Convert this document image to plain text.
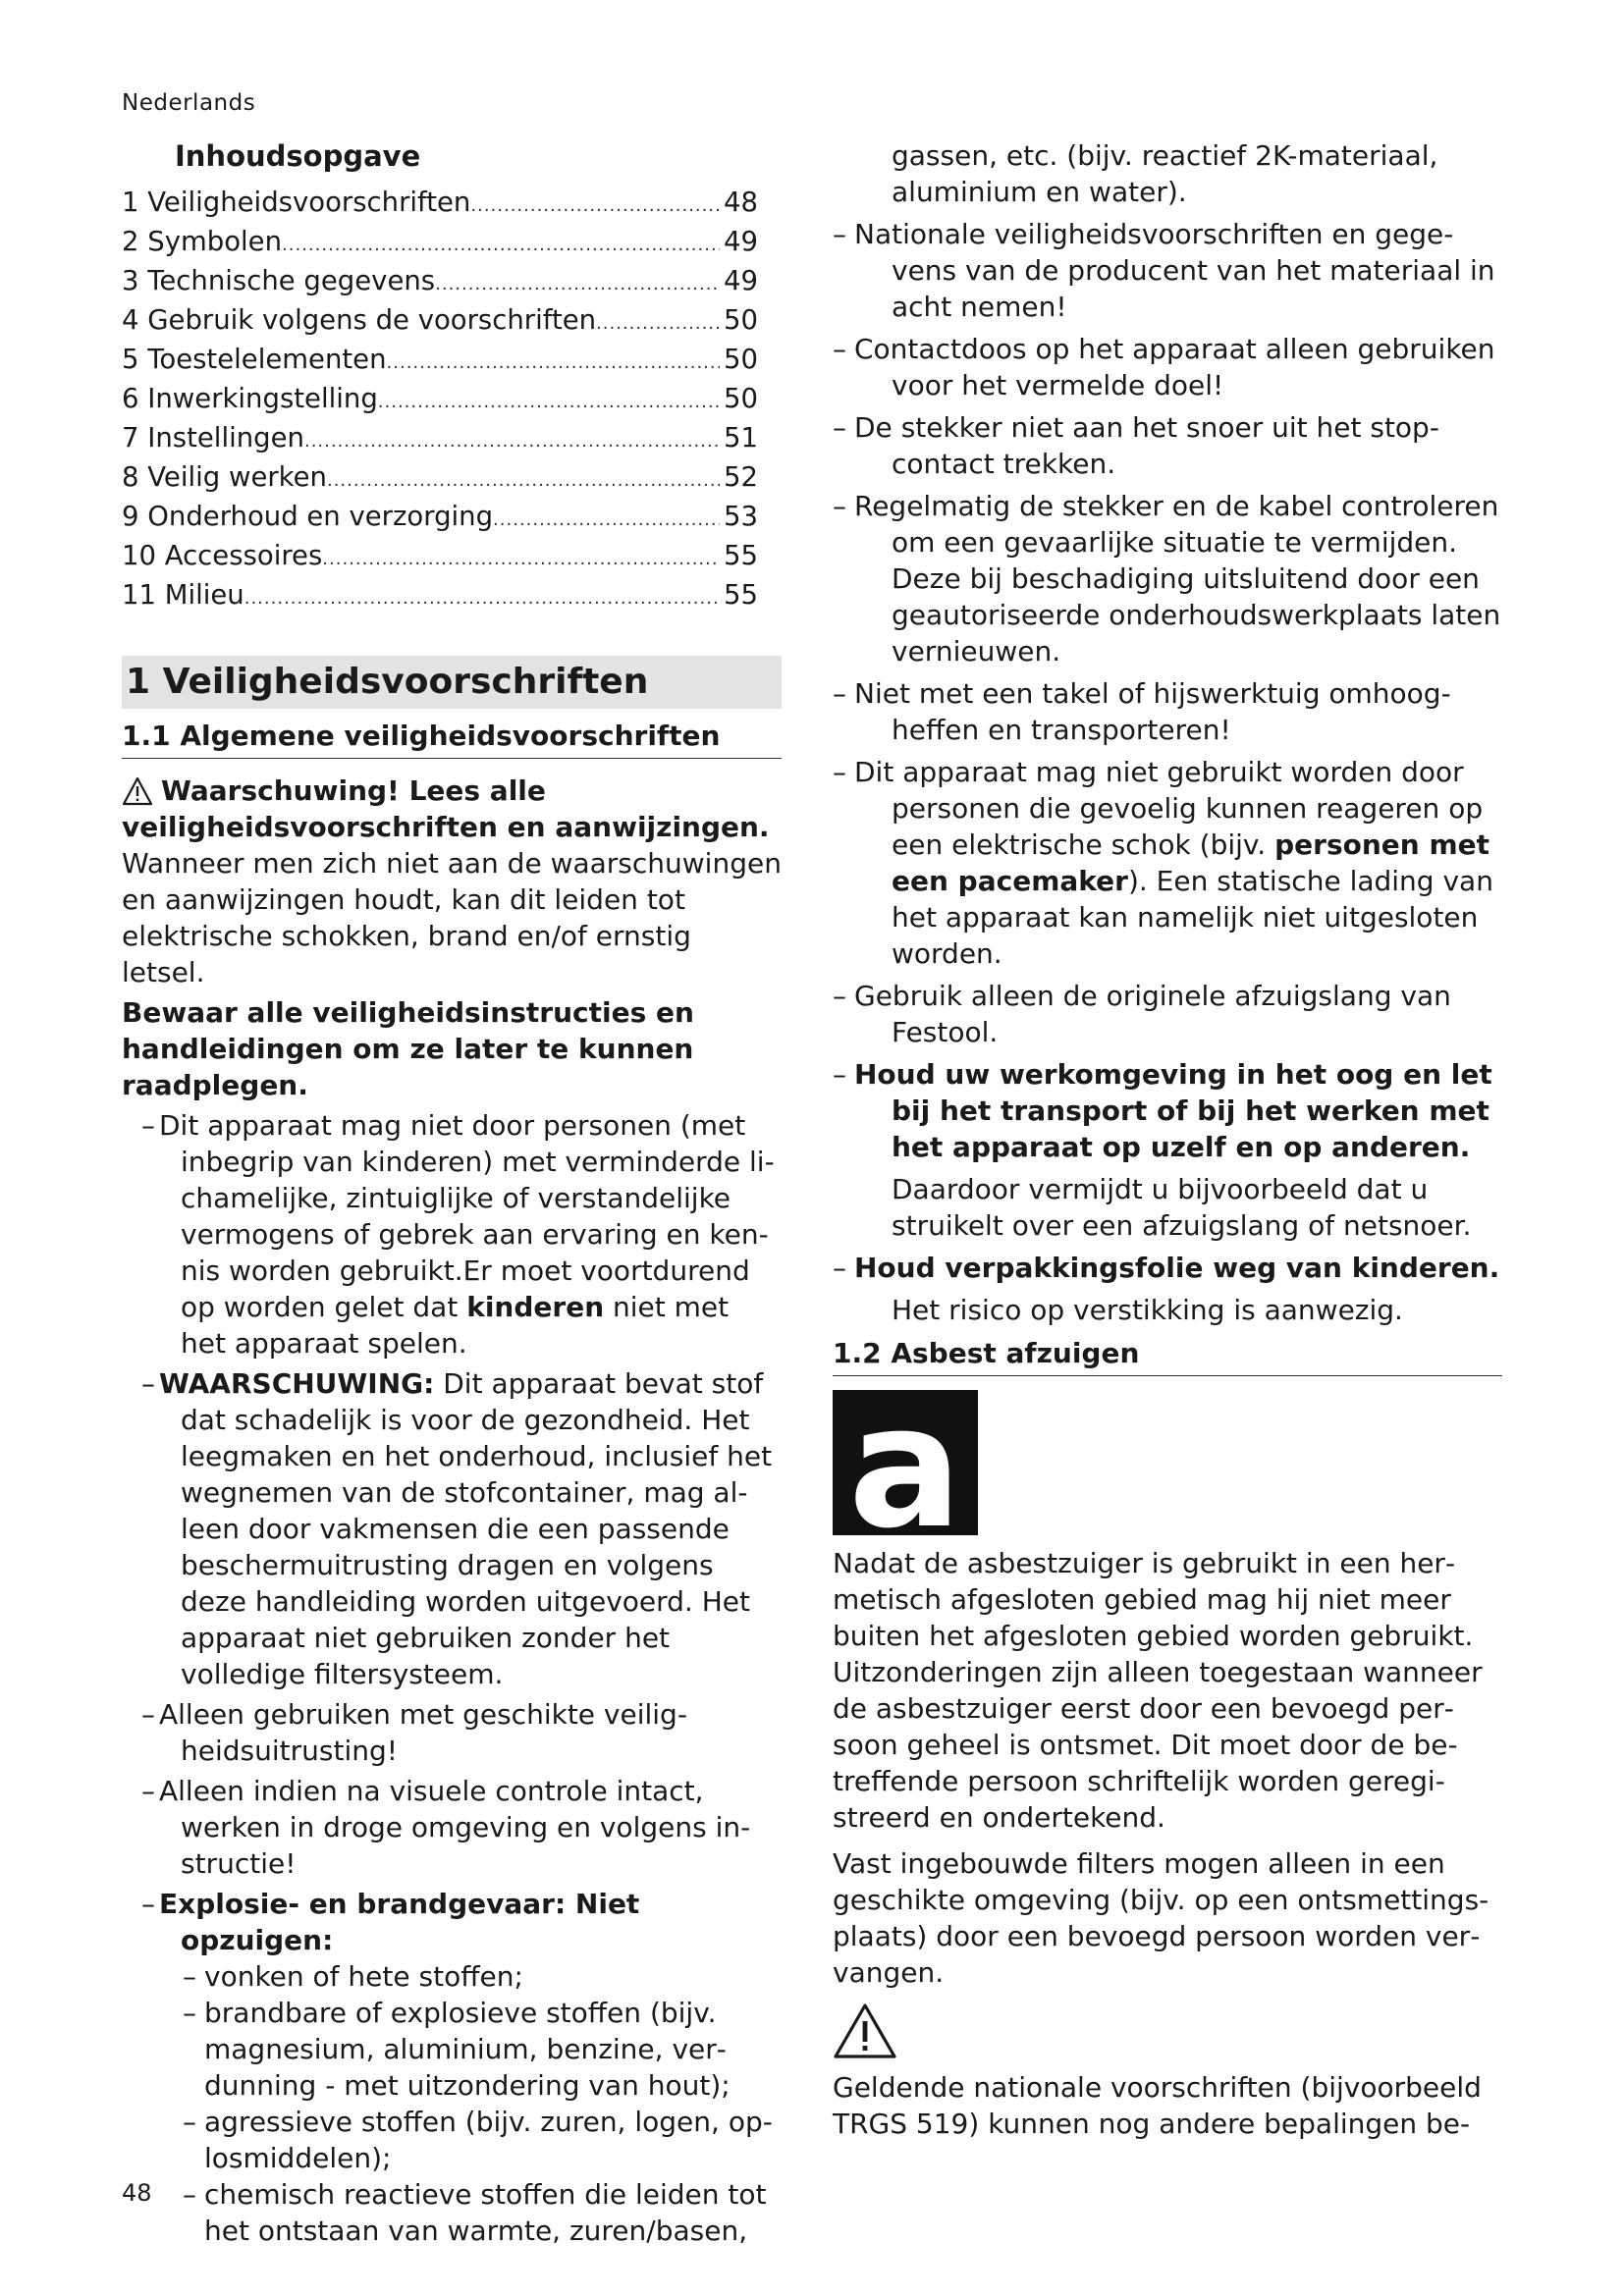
Nederlands
Inhoudsopgave
1 Veiligheidsvoorschriften .....	48
2 Symbolen .....	49
3 Technische gegevens .....	49
4 Gebruik volgens de voorschriften .....	50
5 Toestelelementen .....	50
6 Inwerkingstelling .....	50
7 Instellingen .....	51
8 Veilig werken .....	52
9 Onderhoud en verzorging .....	53
10 Accessoires .....	55
11 Milieu .....	55
1 Veiligheidsvoorschriften
1.1 Algemene veiligheidsvoorschriften

Waarschuwing! Lees alle veiligheidsvoorschriften en aanwijzingen. Wanneer men zich niet aan de waarschuwingen en aanwijzingen houdt, kan dit leiden tot elektrische schokken, brand en/of ernstig letsel.

Bewaar alle veiligheidsinstructies en handleidingen om ze later te kunnen raadplegen.

– Dit apparaat mag niet door personen (met inbegrip van kinderen) met verminderde lichamelijke, zintuiglijke of verstandelijke vermogens of gebrek aan ervaring en kennis worden gebruikt.Er moet voortdurend op worden gelet dat kinderen niet met het apparaat spelen.
– WAARSCHUWING: Dit apparaat bevat stof dat schadelijk is voor de gezondheid. Het leegmaken en het onderhoud, inclusief het wegnemen van de stofcontainer, mag alleen door vakmensen die een passende beschermuitrusting dragen en volgens deze handleiding worden uitgevoerd. Het apparaat niet gebruiken zonder het volledige filtersysteem.
– Alleen gebruiken met geschikte veiligheidsuitrusting!
– Alleen indien na visuele controle intact, werken in droge omgeving en volgens instructie!
– Explosie- en brandgevaar: Niet opzuigen:
– vonken of hete stoffen;
– brandbare of explosieve stoffen (bijv. magnesium, aluminium, benzine, verdunning - met uitzondering van hout);
– agressieve stoffen (bijv. zuren, logen, oplosmiddelen);
– chemisch reactieve stoffen die leiden tot het ontstaan van warmte, zuren/basen,

gassen, etc. (bijv. reactief 2K-materiaal, aluminium en water).

– Nationale veiligheidsvoorschriften en gegevens van de producent van het materiaal in acht nemen!
– Contactdoos op het apparaat alleen gebruiken voor het vermelde doel!
– De stekker niet aan het snoer uit het stopcontact trekken.
– Regelmatig de stekker en de kabel controleren om een gevaarlijke situatie te vermijden. Deze bij beschadiging uitsluitend door een geautoriseerde onderhoudswerkplaats laten vernieuwen.
– Niet met een takel of hijswerktuig omhoogheffen en transporteren!
– Dit apparaat mag niet gebruikt worden door personen die gevoelig kunnen reageren op een elektrische schok (bijv. personen met een pacemaker). Een statische lading van het apparaat kan namelijk niet uitgesloten worden.
– Gebruik alleen de originele afzuigslang van Festool.
– Houd uw werkomgeving in het oog en let bij het transport of bij het werken met het apparaat op uzelf en op anderen.

Daardoor vermijdt u bijvoorbeeld dat u struikelt over een afzuigslang of netsnoer.

– Houd verpakkingsfolie weg van kinderen.

Het risico op verstikking is aanwezig.

1.2 Asbest afzuigen
a

Nadat de asbestzuiger is gebruikt in een hermetisch afgesloten gebied mag hij niet meer buiten het afgesloten gebied worden gebruikt. Uitzonderingen zijn alleen toegestaan wanneer de asbestzuiger eerst door een bevoegd persoon geheel is ontsmet. Dit moet door de betreffende persoon schriftelijk worden geregistreerd en ondertekend.

Vast ingebouwde filters mogen alleen in een geschikte omgeving (bijv. op een ontsmettingsplaats) door een bevoegd persoon worden vervangen.

Geldende nationale voorschriften (bijvoorbeeld TRGS 519) kunnen nog andere bepalingen be-

48
